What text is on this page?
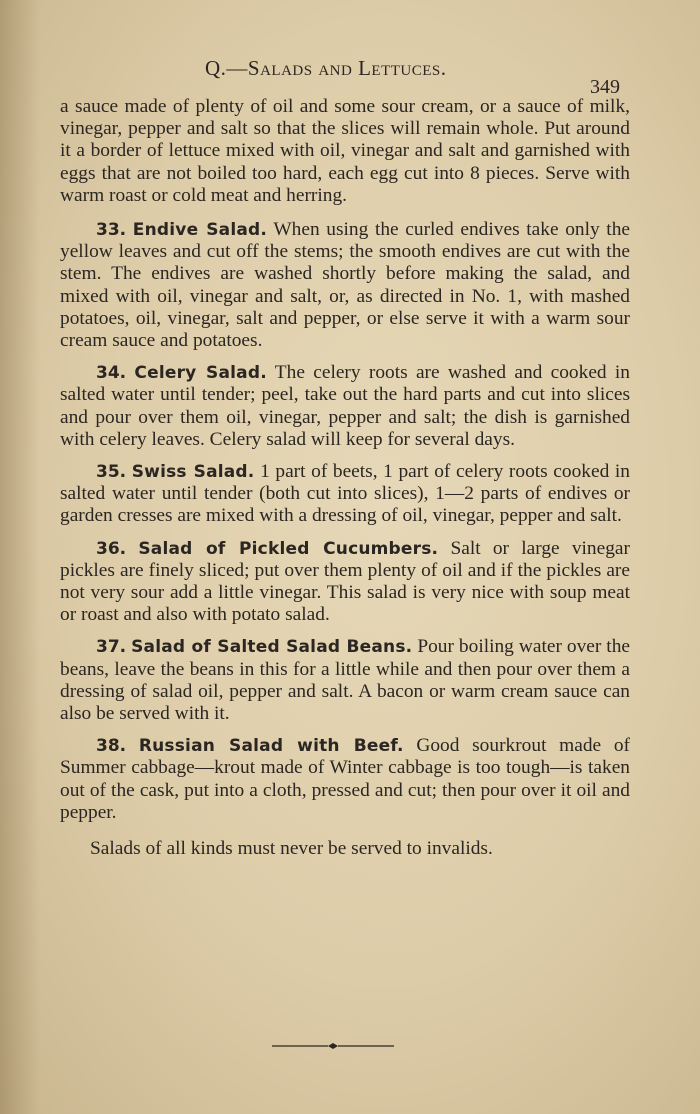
Q.—Salads and Lettuces.
349

a sauce made of plenty of oil and some sour cream, or a sauce of milk, vinegar, pepper and salt so that the slices will remain whole. Put around it a border of lettuce mixed with oil, vinegar and salt and garnished with eggs that are not boiled too hard, each egg cut into 8 pieces. Serve with warm roast or cold meat and herring.

33. Endive Salad. When using the curled endives take only the yellow leaves and cut off the stems; the smooth endives are cut with the stem. The endives are washed shortly before making the salad, and mixed with oil, vinegar and salt, or, as directed in No. 1, with mashed potatoes, oil, vinegar, salt and pepper, or else serve it with a warm sour cream sauce and potatoes.

34. Celery Salad. The celery roots are washed and cooked in salted water until tender; peel, take out the hard parts and cut into slices and pour over them oil, vinegar, pepper and salt; the dish is garnished with celery leaves. Celery salad will keep for several days.

35. Swiss Salad. 1 part of beets, 1 part of celery roots cooked in salted water until tender (both cut into slices), 1—2 parts of endives or garden cresses are mixed with a dressing of oil, vinegar, pepper and salt.

36. Salad of Pickled Cucumbers. Salt or large vinegar pickles are finely sliced; put over them plenty of oil and if the pickles are not very sour add a little vinegar. This salad is very nice with soup meat or roast and also with potato salad.

37. Salad of Salted Salad Beans. Pour boiling water over the beans, leave the beans in this for a little while and then pour over them a dressing of salad oil, pepper and salt. A bacon or warm cream sauce can also be served with it.

38. Russian Salad with Beef. Good sourkrout made of Summer cabbage—krout made of Winter cabbage is too tough—is taken out of the cask, put into a cloth, pressed and cut; then pour over it oil and pepper.

Salads of all kinds must never be served to invalids.
